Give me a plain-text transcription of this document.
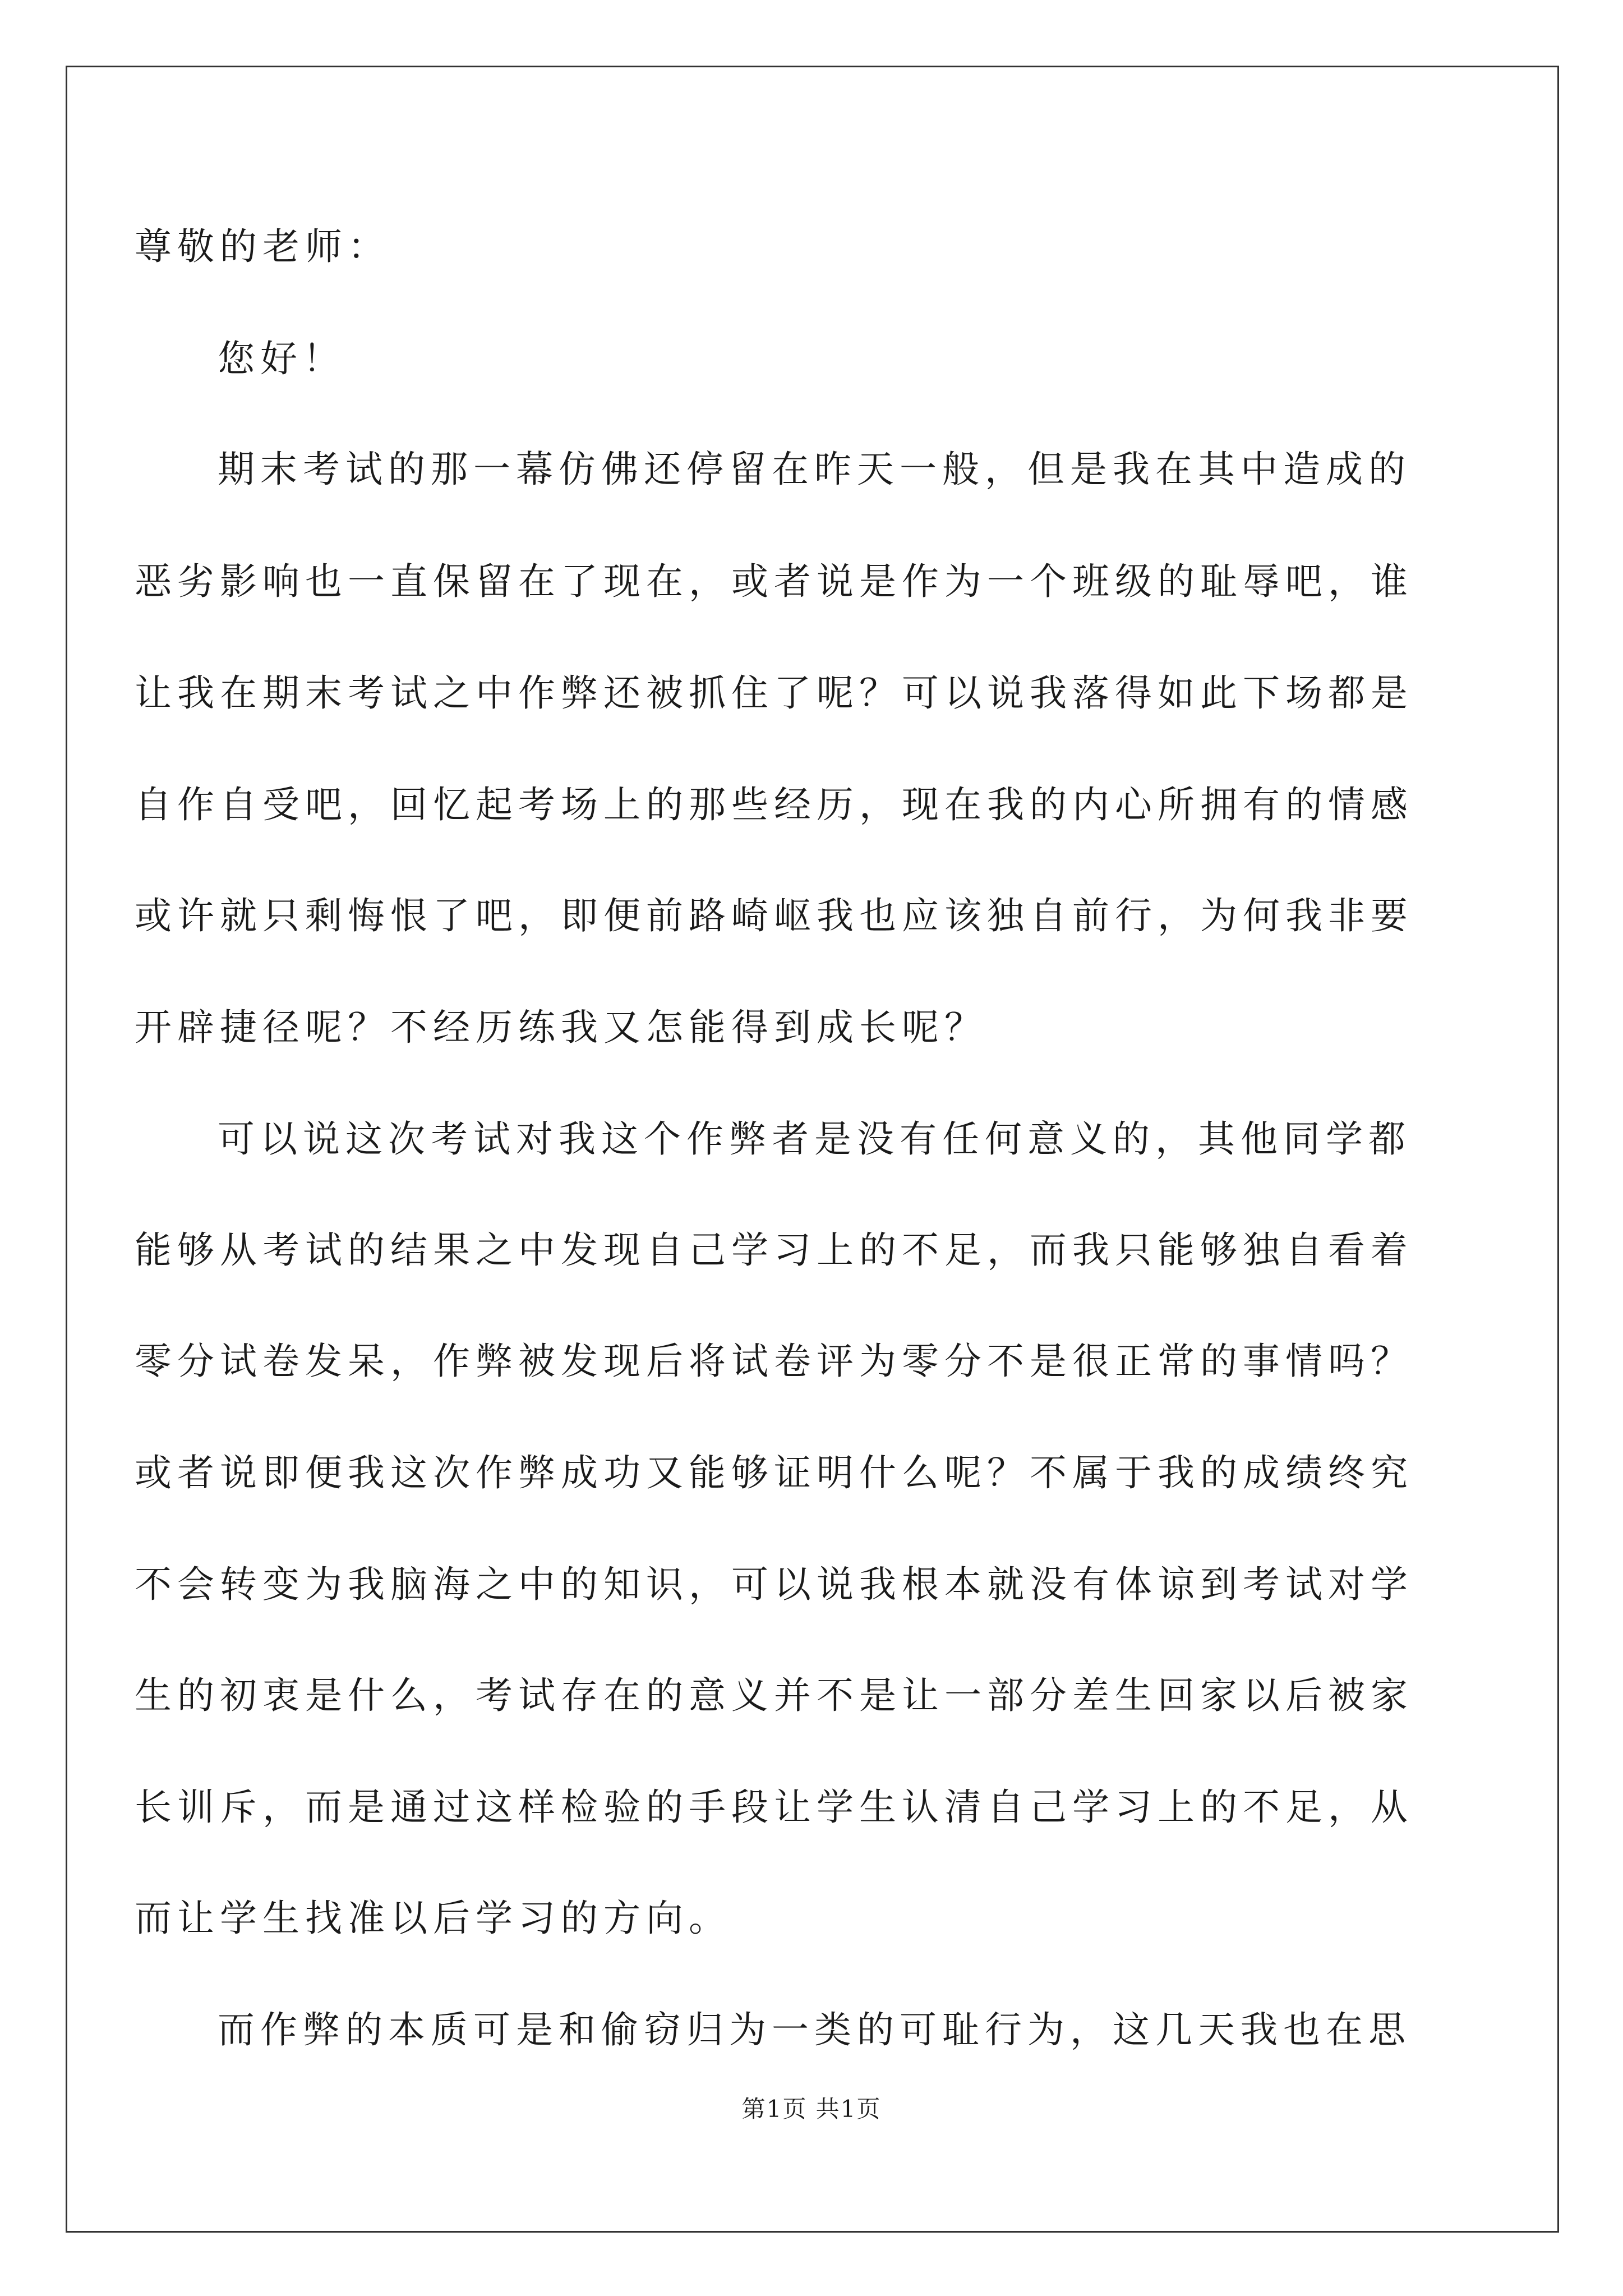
尊敬的老师：
您好！
期末考试的那一幕仿佛还停留在昨天一般，但是我在其中造成的
恶劣影响也一直保留在了现在，或者说是作为一个班级的耻辱吧，谁
让我在期末考试之中作弊还被抓住了呢？可以说我落得如此下场都是
自作自受吧，回忆起考场上的那些经历，现在我的内心所拥有的情感
或许就只剩悔恨了吧，即便前路崎岖我也应该独自前行，为何我非要
开辟捷径呢？不经历练我又怎能得到成长呢？
可以说这次考试对我这个作弊者是没有任何意义的，其他同学都
能够从考试的结果之中发现自己学习上的不足，而我只能够独自看着
零分试卷发呆，作弊被发现后将试卷评为零分不是很正常的事情吗？
或者说即便我这次作弊成功又能够证明什么呢？不属于我的成绩终究
不会转变为我脑海之中的知识，可以说我根本就没有体谅到考试对学
生的初衷是什么，考试存在的意义并不是让一部分差生回家以后被家
长训斥，而是通过这样检验的手段让学生认清自己学习上的不足，从
而让学生找准以后学习的方向。
而作弊的本质可是和偷窃归为一类的可耻行为，这几天我也在思
第1页 共1页
